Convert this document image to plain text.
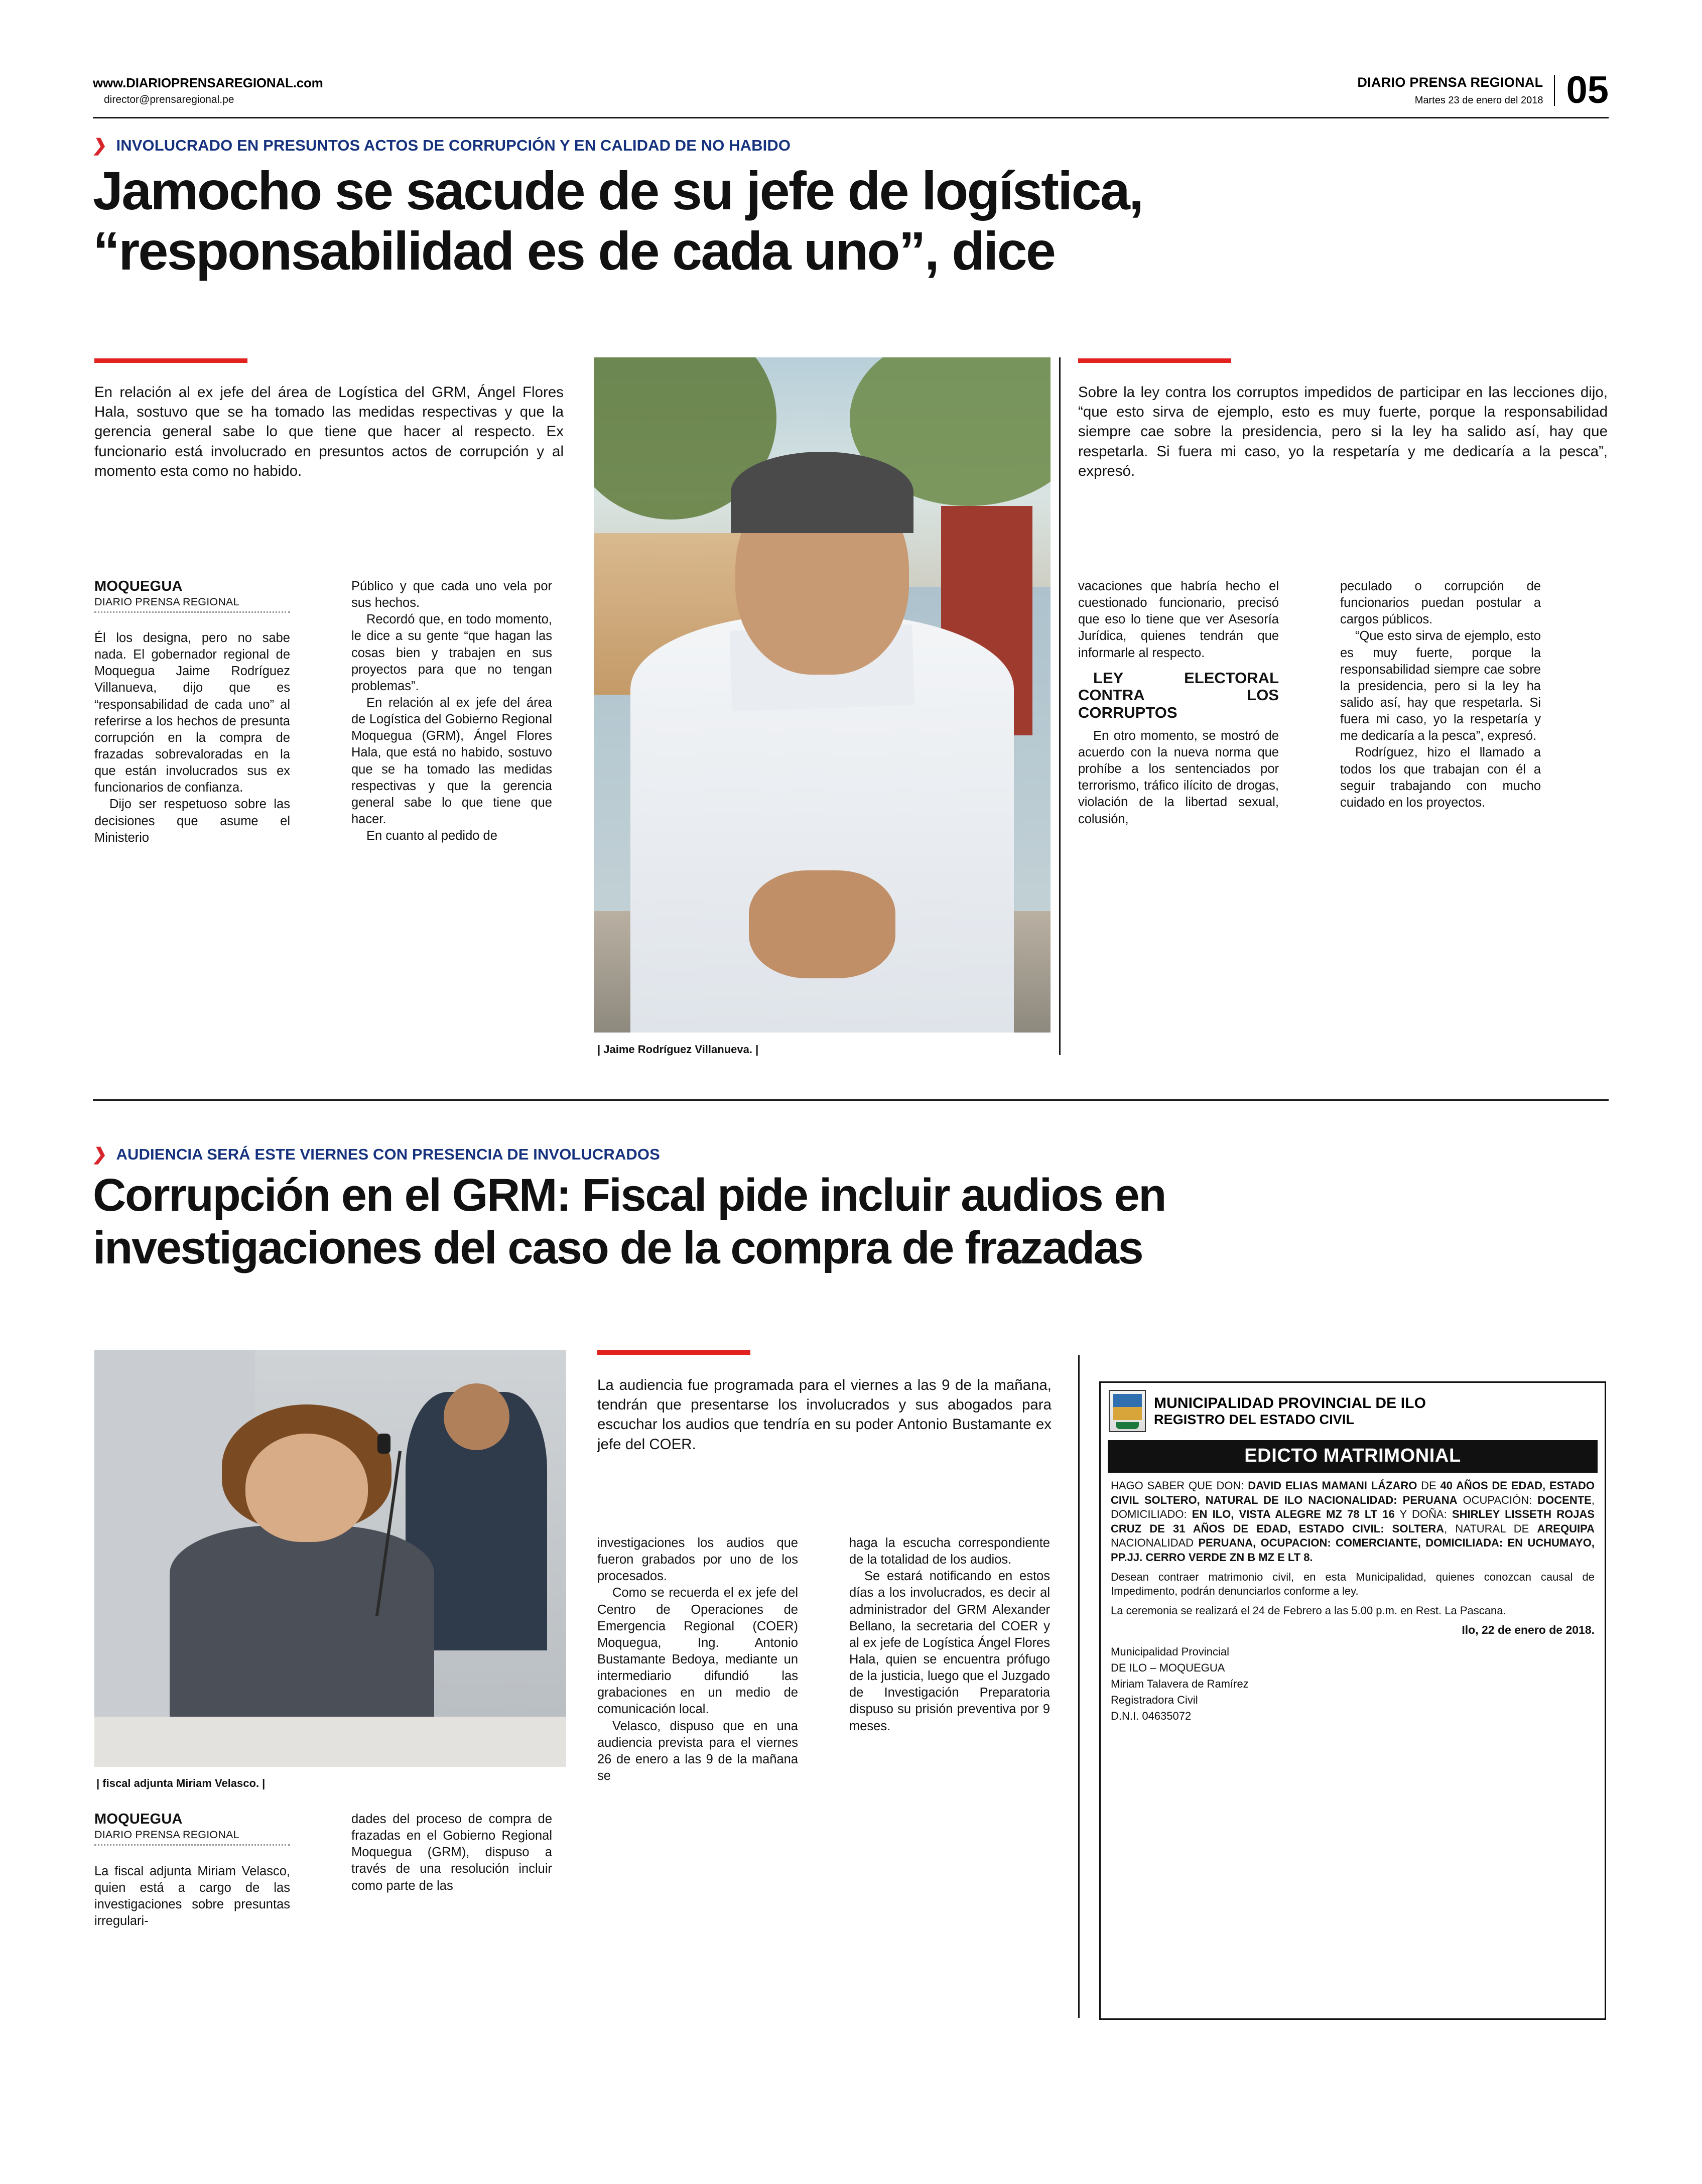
www.DIARIOPRENSAREGIONAL.com
director@prensaregional.pe
DIARIO PRENSA REGIONAL
Martes 23 de enero del 2018 05
❯ INVOLUCRADO EN PRESUNTOS ACTOS DE CORRUPCIÓN Y EN CALIDAD DE NO HABIDO
Jamocho se sacude de su jefe de logística,
“responsabilidad es de cada uno”, dice
En relación al ex jefe del área de Logística del GRM, Ángel Flores Hala, sostuvo que se ha tomado las medidas respectivas y que la gerencia general sabe lo que tiene que hacer al respecto. Ex funcionario está involucrado en presuntos actos de corrupción y al momento esta como no habido.
Sobre la ley contra los corruptos impedidos de participar en las lecciones dijo, “que esto sirva de ejemplo, esto es muy fuerte, porque la responsabilidad siempre cae sobre la presidencia, pero si la ley ha salido así, hay que respetarla. Si fuera mi caso, yo la respetaría y me dedicaría a la pesca”, expresó.
| Jaime Rodríguez Villanueva. |
MOQUEGUA
DIARIO PRENSA REGIONAL

Él los designa, pero no sabe nada. El gobernador regional de Moquegua Jaime Rodríguez Villanueva, dijo que es “responsabilidad de cada uno” al referirse a los hechos de presunta corrupción en la compra de frazadas sobrevaloradas en la que están involucrados sus ex funcionarios de confianza.

Dijo ser respetuoso sobre las decisiones que asume el Ministerio

Público y que cada uno vela por sus hechos.

Recordó que, en todo momento, le dice a su gente “que hagan las cosas bien y trabajen en sus proyectos para que no tengan problemas”.

En relación al ex jefe del área de Logística del Gobierno Regional Moquegua (GRM), Ángel Flores Hala, que está no habido, sostuvo que se ha tomado las medidas respectivas y que la gerencia general sabe lo que tiene que hacer.

En cuanto al pedido de

vacaciones que habría hecho el cuestionado funcionario, precisó que eso lo tiene que ver Asesoría Jurídica, quienes tendrán que informarle al respecto.

LEY ELECTORAL CONTRA LOS CORRUPTOS

En otro momento, se mostró de acuerdo con la nueva norma que prohíbe a los sentenciados por terrorismo, tráfico ilícito de drogas, violación de la libertad sexual, colusión,

peculado o corrupción de funcionarios puedan postular a cargos públicos.

“Que esto sirva de ejemplo, esto es muy fuerte, porque la responsabilidad siempre cae sobre la presidencia, pero si la ley ha salido así, hay que respetarla. Si fuera mi caso, yo la respetaría y me dedicaría a la pesca”, expresó.

Rodríguez, hizo el llamado a todos los que trabajan con él a seguir trabajando con mucho cuidado en los proyectos.

❯ AUDIENCIA SERÁ ESTE VIERNES CON PRESENCIA DE INVOLUCRADOS
Corrupción en el GRM: Fiscal pide incluir audios en
investigaciones del caso de la compra de frazadas
| fiscal adjunta Miriam Velasco. |
La audiencia fue programada para el viernes a las 9 de la mañana, tendrán que presentarse los involucrados y sus abogados para escuchar los audios que tendría en su poder Antonio Bustamante ex jefe del COER.
MOQUEGUA
DIARIO PRENSA REGIONAL

La fiscal adjunta Miriam Velasco, quien está a cargo de las investigaciones sobre presuntas irregulari-

dades del proceso de compra de frazadas en el Gobierno Regional Moquegua (GRM), dispuso a través de una resolución incluir como parte de las

investigaciones los audios que fueron grabados por uno de los procesados.

Como se recuerda el ex jefe del Centro de Operaciones de Emergencia Regional (COER) Moquegua, Ing. Antonio Bustamante Bedoya, mediante un intermediario difundió las grabaciones en un medio de comunicación local.

Velasco, dispuso que en una audiencia prevista para el viernes 26 de enero a las 9 de la mañana se

haga la escucha correspondiente de la totalidad de los audios.

Se estará notificando en estos días a los involucrados, es decir al administrador del GRM Alexander Bellano, la secretaria del COER y al ex jefe de Logística Ángel Flores Hala, quien se encuentra prófugo de la justicia, luego que el Juzgado de Investigación Preparatoria dispuso su prisión preventiva por 9 meses.

MUNICIPALIDAD PROVINCIAL DE ILO
REGISTRO DEL ESTADO CIVIL
EDICTO MATRIMONIAL

HAGO SABER QUE DON: DAVID ELIAS MAMANI LÁZARO DE 40 AÑOS DE EDAD, ESTADO CIVIL SOLTERO, NATURAL DE ILO NACIONALIDAD: PERUANA OCUPACIÓN: DOCENTE, DOMICILIADO: EN ILO, VISTA ALEGRE MZ 78 LT 16 Y DOÑA: SHIRLEY LISSETH ROJAS CRUZ DE 31 AÑOS DE EDAD, ESTADO CIVIL: SOLTERA, NATURAL DE AREQUIPA NACIONALIDAD PERUANA, OCUPACION: COMERCIANTE, DOMICILIADA: EN UCHUMAYO, PP.JJ. CERRO VERDE ZN B MZ E LT 8.

Desean contraer matrimonio civil, en esta Municipalidad, quienes conozcan causal de Impedimento, podrán denunciarlos conforme a ley.

La ceremonia se realizará el 24 de Febrero a las 5.00 p.m. en Rest. La Pascana.

Ilo, 22 de enero de 2018.
Municipalidad Provincial
DE ILO – MOQUEGUA
Miriam Talavera de Ramírez
Registradora Civil
D.N.I. 04635072
